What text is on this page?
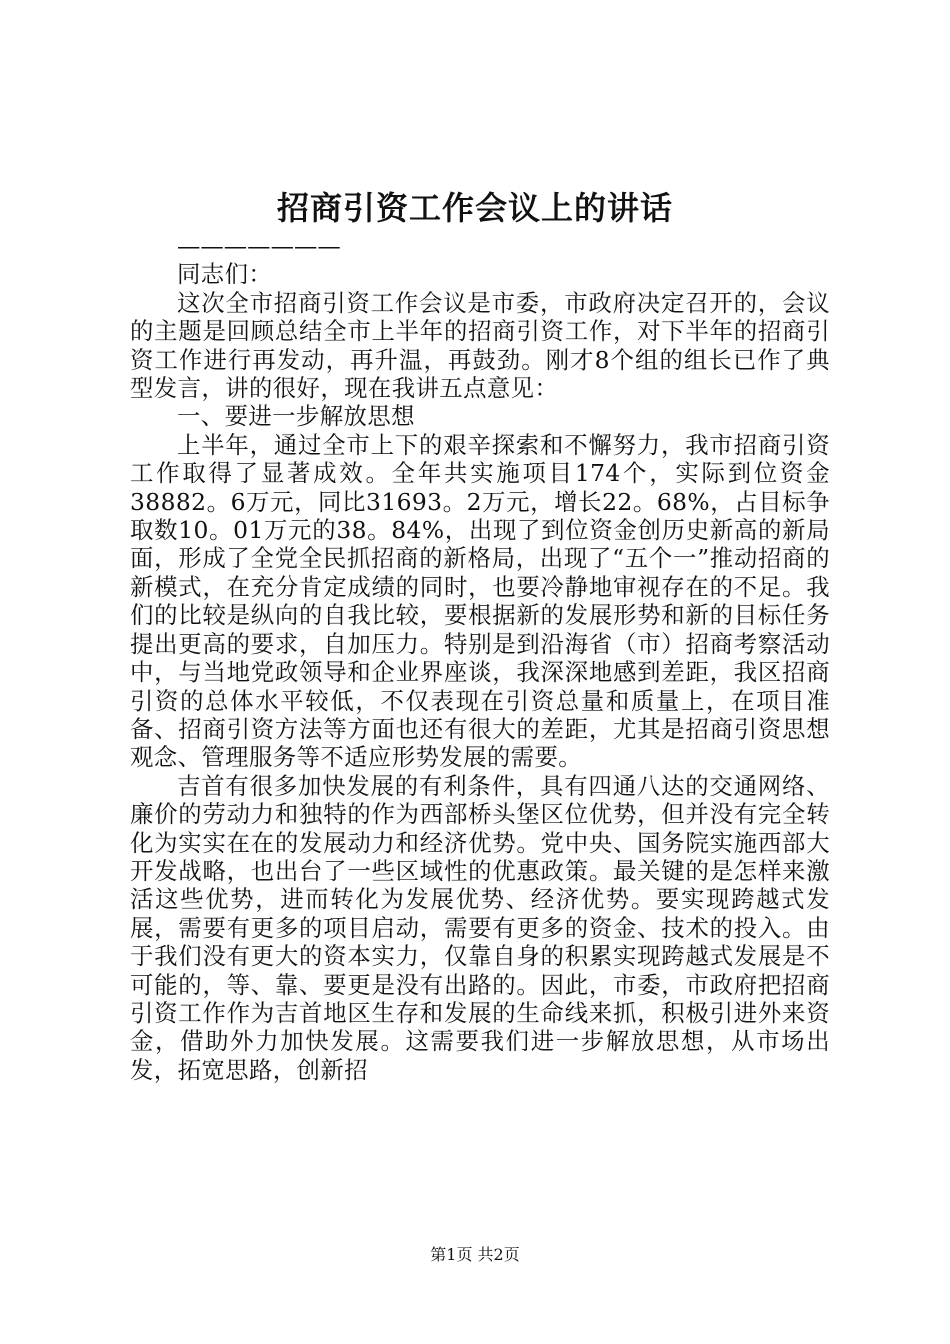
招商引资工作会议上的讲话

———————

同志们：

这次全市招商引资工作会议是市委，市政府决定召开的，会议的主题是回顾总结全市上半年的招商引资工作，对下半年的招商引资工作进行再发动，再升温，再鼓劲。刚才8个组的组长已作了典型发言，讲的很好，现在我讲五点意见：

一、要进一步解放思想

上半年，通过全市上下的艰辛探索和不懈努力，我市招商引资工作取得了显著成效。全年共实施项目174个，实际到位资金38882。6万元，同比31693。2万元，增长22。68%，占目标争取数10。01万元的38。84%，出现了到位资金创历史新高的新局面，形成了全党全民抓招商的新格局，出现了“五个一”推动招商的新模式，在充分肯定成绩的同时，也要冷静地审视存在的不足。我们的比较是纵向的自我比较，要根据新的发展形势和新的目标任务提出更高的要求，自加压力。特别是到沿海省（市）招商考察活动中，与当地党政领导和企业界座谈，我深深地感到差距，我区招商引资的总体水平较低，不仅表现在引资总量和质量上，在项目准备、招商引资方法等方面也还有很大的差距，尤其是招商引资思想观念、管理服务等不适应形势发展的需要。

吉首有很多加快发展的有利条件，具有四通八达的交通网络、廉价的劳动力和独特的作为西部桥头堡区位优势，但并没有完全转化为实实在在的发展动力和经济优势。党中央、国务院实施西部大开发战略，也出台了一些区域性的优惠政策。最关键的是怎样来激活这些优势，进而转化为发展优势、经济优势。要实现跨越式发展，需要有更多的项目启动，需要有更多的资金、技术的投入。由于我们没有更大的资本实力，仅靠自身的积累实现跨越式发展是不可能的，等、靠、要更是没有出路的。因此，市委，市政府把招商引资工作作为吉首地区生存和发展的生命线来抓，积极引进外来资金，借助外力加快发展。这需要我们进一步解放思想，从市场出发，拓宽思路，创新招

第1页 共2页
